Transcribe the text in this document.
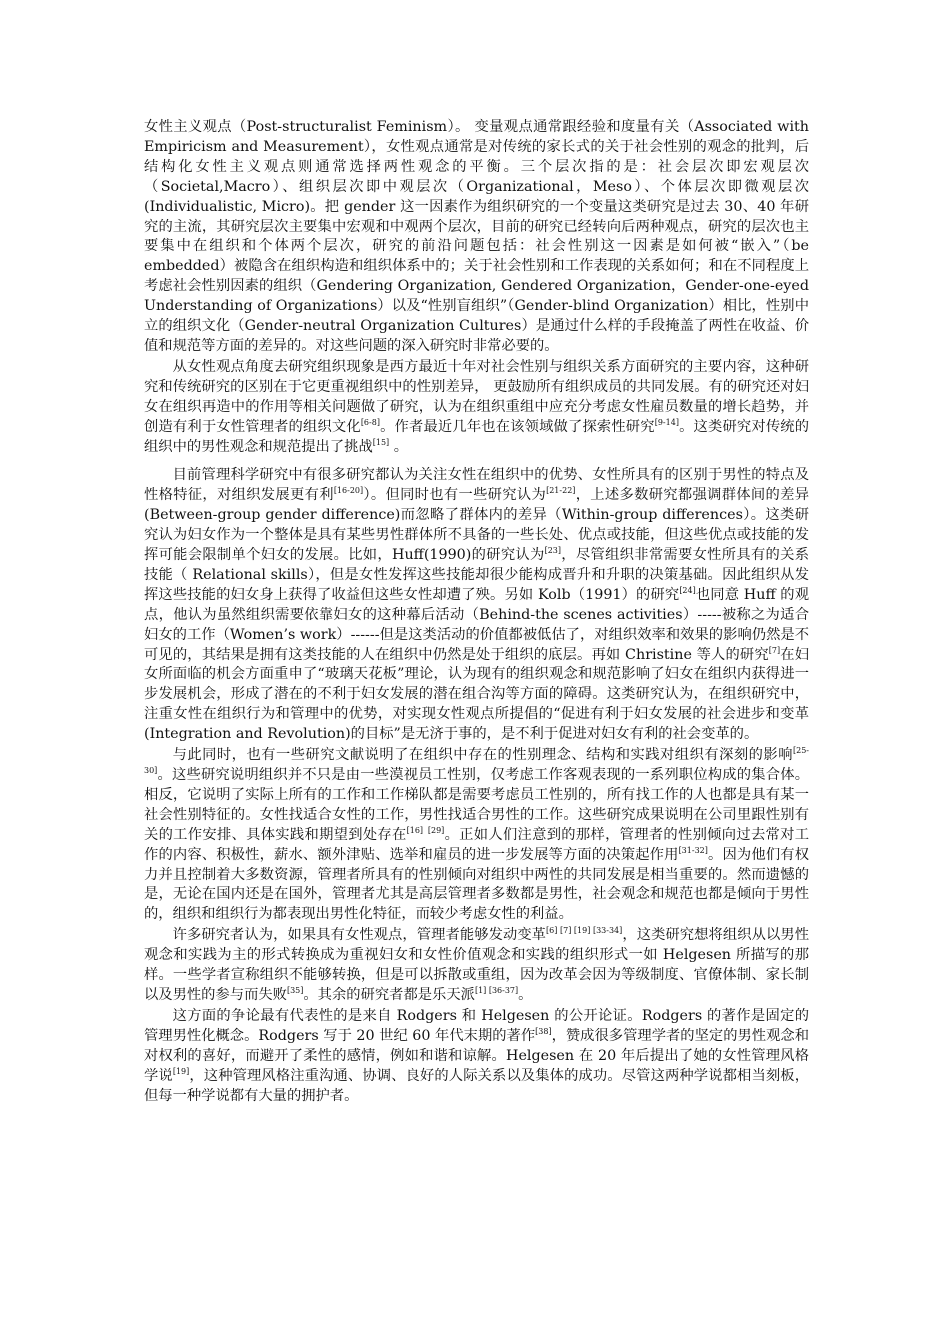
女性主义观点（Post-structuralist Feminism）。 变量观点通常跟经验和度量有关（Associated with Empiricism and Measurement），女性观点通常是对传统的家长式的关于社会性别的观念的批判，后结构化女性主义观点则通常选择两性观念的平衡。三个层次指的是：社会层次即宏观层次（Societal,Macro）、组织层次即中观层次（Organizational，Meso）、个体层次即微观层次(Individualistic, Micro)。把 gender 这一因素作为组织研究的一个变量这类研究是过去 30、40 年研究的主流，其研究层次主要集中宏观和中观两个层次，目前的研究已经转向后两种观点，研究的层次也主要集中在组织和个体两个层次，研究的前沿问题包括：社会性别这一因素是如何被“嵌入”（be embedded）被隐含在组织构造和组织体系中的；关于社会性别和工作表现的关系如何；和在不同程度上考虑社会性别因素的组织（Gendering Organization, Gendered Organization，Gender-one-eyed Understanding of Organizations）以及“性别盲组织”（Gender-blind Organization）相比，性别中立的组织文化（Gender-neutral Organization Cultures）是通过什么样的手段掩盖了两性在收益、价值和规范等方面的差异的。对这些问题的深入研究时非常必要的。

从女性观点角度去研究组织现象是西方最近十年对社会性别与组织关系方面研究的主要内容，这种研究和传统研究的区别在于它更重视组织中的性别差异， 更鼓励所有组织成员的共同发展。有的研究还对妇女在组织再造中的作用等相关问题做了研究，认为在组织重组中应充分考虑女性雇员数量的增长趋势，并创造有利于女性管理者的组织文化[6-8]。作者最近几年也在该领域做了探索性研究[9-14]。这类研究对传统的组织中的男性观念和规范提出了挑战[15] 。

目前管理科学研究中有很多研究都认为关注女性在组织中的优势、女性所具有的区别于男性的特点及性格特征，对组织发展更有利[16-20]）。但同时也有一些研究认为[21-22]，上述多数研究都强调群体间的差异(Between-group gender difference)而忽略了群体内的差异（Within-group differences）。这类研究认为妇女作为一个整体是具有某些男性群体所不具备的一些长处、优点或技能，但这些优点或技能的发挥可能会限制单个妇女的发展。比如，Huff(1990)的研究认为[23]，尽管组织非常需要女性所具有的关系技能（ Relational skills），但是女性发挥这些技能却很少能构成晋升和升职的决策基础。因此组织从发挥这些技能的妇女身上获得了收益但这些女性却遭了殃。另如 Kolb（1991）的研究[24]也同意 Huff 的观点，他认为虽然组织需要依靠妇女的这种幕后活动（Behind-the scenes activities）-----被称之为适合妇女的工作（Women’s work）------但是这类活动的价值都被低估了，对组织效率和效果的影响仍然是不可见的，其结果是拥有这类技能的人在组织中仍然是处于组织的底层。再如 Christine 等人的研究[7]在妇女所面临的机会方面重申了“玻璃天花板”理论，认为现有的组织观念和规范影响了妇女在组织内获得进一步发展机会，形成了潜在的不利于妇女发展的潜在组合沟等方面的障碍。这类研究认为，在组织研究中，注重女性在组织行为和管理中的优势，对实现女性观点所提倡的“促进有利于妇女发展的社会进步和变革(Integration and Revolution)的目标”是无济于事的，是不利于促进对妇女有利的社会变革的。

与此同时，也有一些研究文献说明了在组织中存在的性别理念、结构和实践对组织有深刻的影响[25-30]。这些研究说明组织并不只是由一些漠视员工性别，仅考虑工作客观表现的一系列职位构成的集合体。相反，它说明了实际上所有的工作和工作梯队都是需要考虑员工性别的，所有找工作的人也都是具有某一社会性别特征的。女性找适合女性的工作，男性找适合男性的工作。这些研究成果说明在公司里跟性别有关的工作安排、具体实践和期望到处存在[16] [29]。正如人们注意到的那样，管理者的性别倾向过去常对工作的内容、积极性，薪水、额外津贴、选举和雇员的进一步发展等方面的决策起作用[31-32]。因为他们有权力并且控制着大多数资源，管理者所具有的性别倾向对组织中两性的共同发展是相当重要的。然而遗憾的是，无论在国内还是在国外，管理者尤其是高层管理者多数都是男性，社会观念和规范也都是倾向于男性的，组织和组织行为都表现出男性化特征，而较少考虑女性的利益。

许多研究者认为，如果具有女性观点，管理者能够发动变革[6] [7] [19] [33-34]，这类研究想将组织从以男性观念和实践为主的形式转换成为重视妇女和女性价值观念和实践的组织形式一如 Helgesen 所描写的那样。一些学者宣称组织不能够转换，但是可以拆散或重组，因为改革会因为等级制度、官僚体制、家长制以及男性的参与而失败[35]。其余的研究者都是乐天派[1] [36-37]。

这方面的争论最有代表性的是来自 Rodgers 和 Helgesen 的公开论证。Rodgers 的著作是固定的管理男性化概念。Rodgers 写于 20 世纪 60 年代末期的著作[38]，赞成很多管理学者的坚定的男性观念和对权利的喜好，而避开了柔性的感情，例如和谐和谅解。Helgesen 在 20 年后提出了她的女性管理风格学说[19]，这种管理风格注重沟通、协调、良好的人际关系以及集体的成功。尽管这两种学说都相当刻板，但每一种学说都有大量的拥护者。
